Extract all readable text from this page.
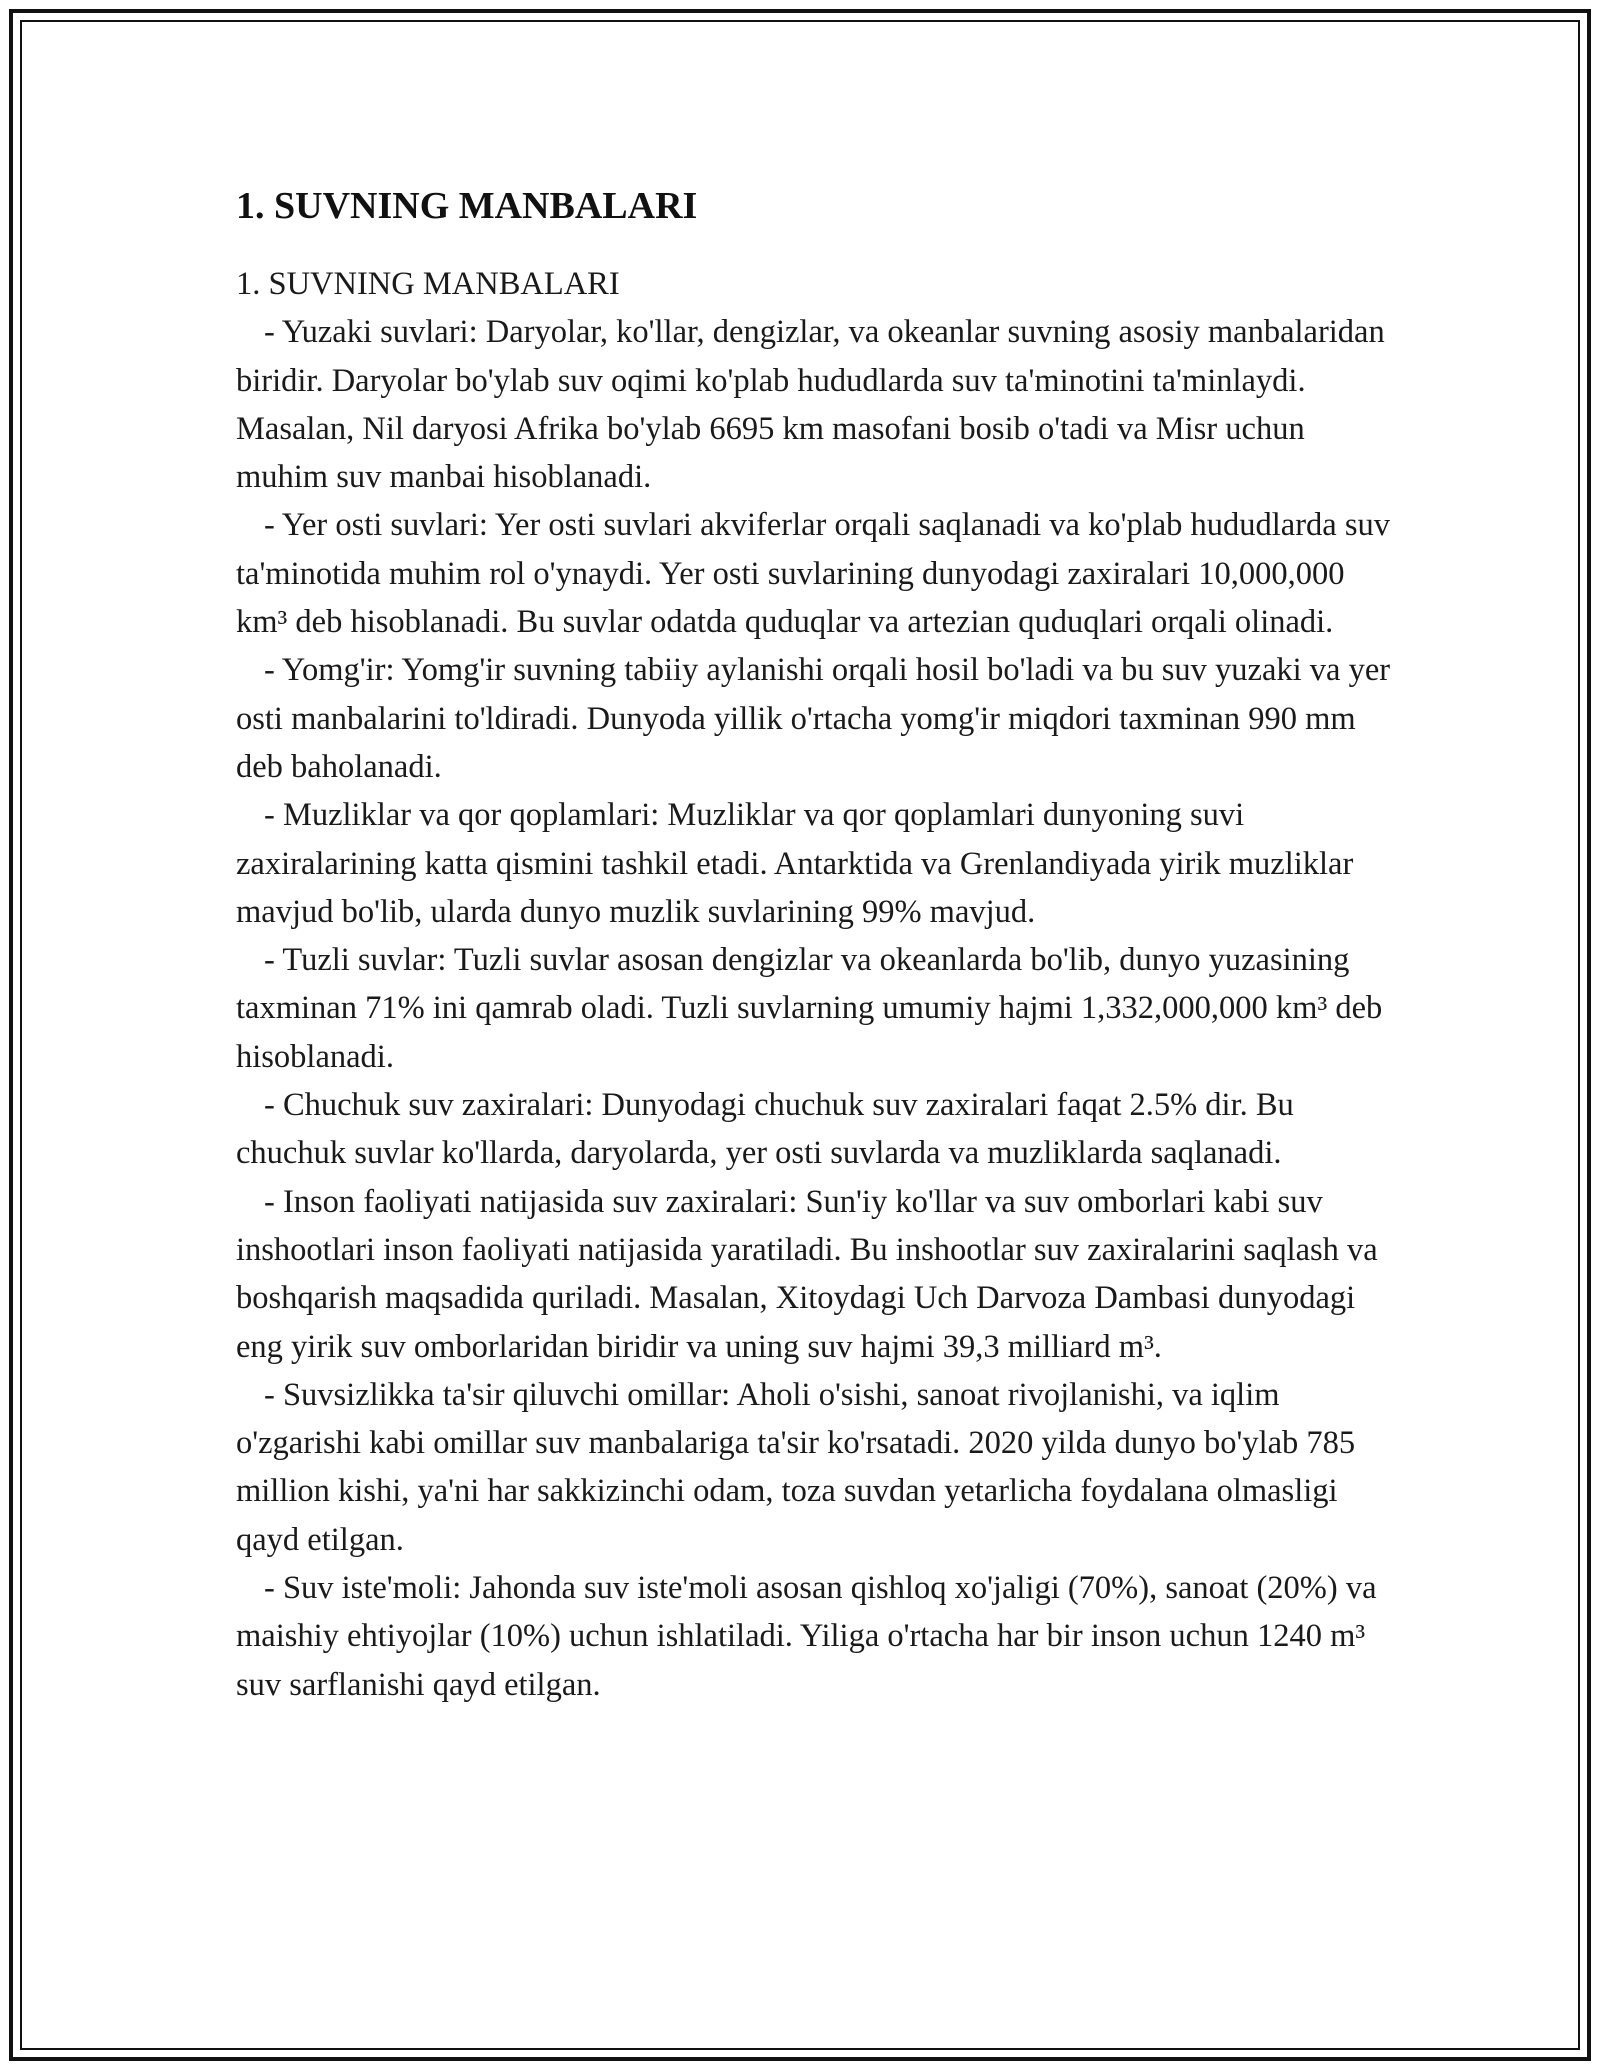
1. SUVNING MANBALARI
1. SUVNING MANBALARI
- Yuzaki suvlari: Daryolar, ko'llar, dengizlar, va okeanlar suvning asosiy manbalaridan biridir. Daryolar bo'ylab suv oqimi ko'plab hududlarda suv ta'minotini ta'minlaydi. Masalan, Nil daryosi Afrika bo'ylab 6695 km masofani bosib o'tadi va Misr uchun muhim suv manbai hisoblanadi.
- Yer osti suvlari: Yer osti suvlari akviferlar orqali saqlanadi va ko'plab hududlarda suv ta'minotida muhim rol o'ynaydi. Yer osti suvlarining dunyodagi zaxiralari 10,000,000 km³ deb hisoblanadi. Bu suvlar odatda quduqlar va artezian quduqlari orqali olinadi.
- Yomg'ir: Yomg'ir suvning tabiiy aylanishi orqali hosil bo'ladi va bu suv yuzaki va yer osti manbalarini to'ldiradi. Dunyoda yillik o'rtacha yomg'ir miqdori taxminan 990 mm deb baholanadi.
- Muzliklar va qor qoplamlari: Muzliklar va qor qoplamlari dunyoning suvi zaxiralarining katta qismini tashkil etadi. Antarktida va Grenlandiyada yirik muzliklar mavjud bo'lib, ularda dunyo muzlik suvlarining 99% mavjud.
- Tuzli suvlar: Tuzli suvlar asosan dengizlar va okeanlarda bo'lib, dunyo yuzasining taxminan 71% ini qamrab oladi. Tuzli suvlarning umumiy hajmi 1,332,000,000 km³ deb hisoblanadi.
- Chuchuk suv zaxiralari: Dunyodagi chuchuk suv zaxiralari faqat 2.5% dir. Bu chuchuk suvlar ko'llarda, daryolarda, yer osti suvlarda va muzliklarda saqlanadi.
- Inson faoliyati natijasida suv zaxiralari: Sun'iy ko'llar va suv omborlari kabi suv inshootlari inson faoliyati natijasida yaratiladi. Bu inshootlar suv zaxiralarini saqlash va boshqarish maqsadida quriladi. Masalan, Xitoydagi Uch Darvoza Dambasi dunyodagi eng yirik suv omborlaridan biridir va uning suv hajmi 39,3 milliard m³.
- Suvsizlikka ta'sir qiluvchi omillar: Aholi o'sishi, sanoat rivojlanishi, va iqlim o'zgarishi kabi omillar suv manbalariga ta'sir ko'rsatadi. 2020 yilda dunyo bo'ylab 785 million kishi, ya'ni har sakkizinchi odam, toza suvdan yetarlicha foydalana olmasligi qayd etilgan.
- Suv iste'moli: Jahonda suv iste'moli asosan qishloq xo'jaligi (70%), sanoat (20%) va maishiy ehtiyojlar (10%) uchun ishlatiladi. Yiliga o'rtacha har bir inson uchun 1240 m³ suv sarflanishi qayd etilgan.
